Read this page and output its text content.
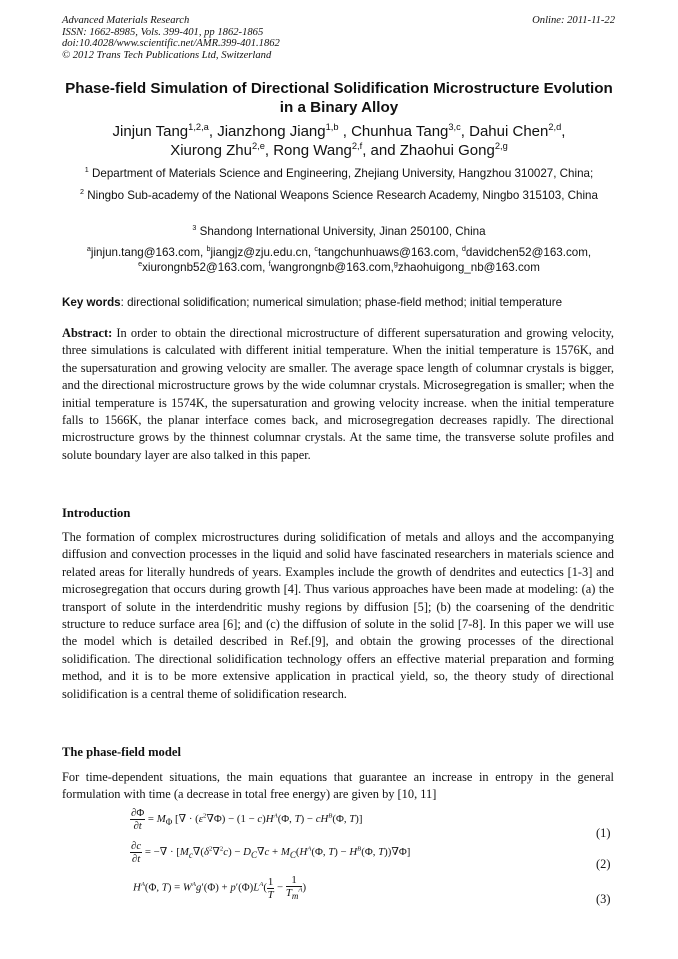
Advanced Materials Research
ISSN: 1662-8985, Vols. 399-401, pp 1862-1865
doi:10.4028/www.scientific.net/AMR.399-401.1862
© 2012 Trans Tech Publications Ltd, Switzerland
Online: 2011-11-22
Phase-field Simulation of Directional Solidification Microstructure Evolution in a Binary Alloy
Jinjun Tang$^{1,2,a}$, Jianzhong Jiang$^{1,b}$ , Chunhua Tang$^{3,c}$, Dahui Chen$^{2,d}$,
Xiurong Zhu$^{2,e}$, Rong Wang$^{2,f}$, and Zhaohui Gong$^{2,g}$
$^1$ Department of Materials Science and Engineering, Zhejiang University, Hangzhou 310027, China;
$^2$ Ningbo Sub-academy of the National Weapons Science Research Academy, Ningbo 315103, China
$^3$ Shandong International University, Jinan 250100, China
$^a$jinjun.tang@163.com, $^b$jiangjz@zju.edu.cn, $^c$tangchunhuaws@163.com, $^d$davidchen52@163.com,
$^e$xiurongnb52@163.com, $^f$wangrongnb@163.com,$^g$zhaohuigong_nb@163.com
Key words: directional solidification; numerical simulation; phase-field method; initial temperature
Abstract: In order to obtain the directional microstructure of different supersaturation and growing velocity, three simulations is calculated with different initial temperature. When the initial temperature is 1576K, and the supersaturation and growing velocity are smaller. The average space length of columnar crystals is bigger, and the directional microstructure grows by the wide columnar crystals. Microsegregation is smaller; when the initial temperature is 1574K, the supersaturation and growing velocity increase. when the initial temperature falls to 1566K, the planar interface comes back, and microsegregation decreases rapidly. The directional microstructure grows by the thinnest columnar crystals. At the same time, the transverse solute profiles and solute boundary layer are also talked in this paper.
Introduction
The formation of complex microstructures during solidification of metals and alloys and the accompanying diffusion and convection processes in the liquid and solid have fascinated researchers in materials science and related areas for literally hundreds of years. Examples include the growth of dendrites and eutectics [1-3] and microsegregation that occurs during growth [4]. Thus various approaches have been made at modeling: (a) the transport of solute in the interdendritic mushy regions by diffusion [5]; (b) the coarsening of the dendritic structure to reduce surface area [6]; and (c) the diffusion of solute in the solid [7-8]. In this paper we will use the model which is detailed described in Ref.[9], and obtain the growing processes of the directional solidification. The directional solidification technology offers an effective material preparation and forming method, and it is to be more extensive application in practical yield, so, the theory study of directional solidification is a central theme of solidification research.
The phase-field model
For time-dependent situations, the main equations that guarantee an increase in entropy in the general formulation with time (a decrease in total free energy) are given by [10, 11]
$\frac{\partial\Phi}{\partial t} = M_\Phi$ [∇ · $(\varepsilon^2\nabla\Phi) - (1 - c)H^A(\Phi$, $T) - cH^B(\Phi$, T)]
(1)
$\frac{\partial c}{\partial t}$ = −∇ · [$M_c\nabla(\delta^2\nabla^2c) - D_C\nabla c + M_C(H^A(\Phi$, $T) - H^B(\Phi$, T))∇Φ]
(2)
$H^A(\Phi$, $T) = W^Ag'(\Phi) + p'(\Phi)L^A( \frac{1}{T} - \frac{1}{T_m^A}$ )
(3)
